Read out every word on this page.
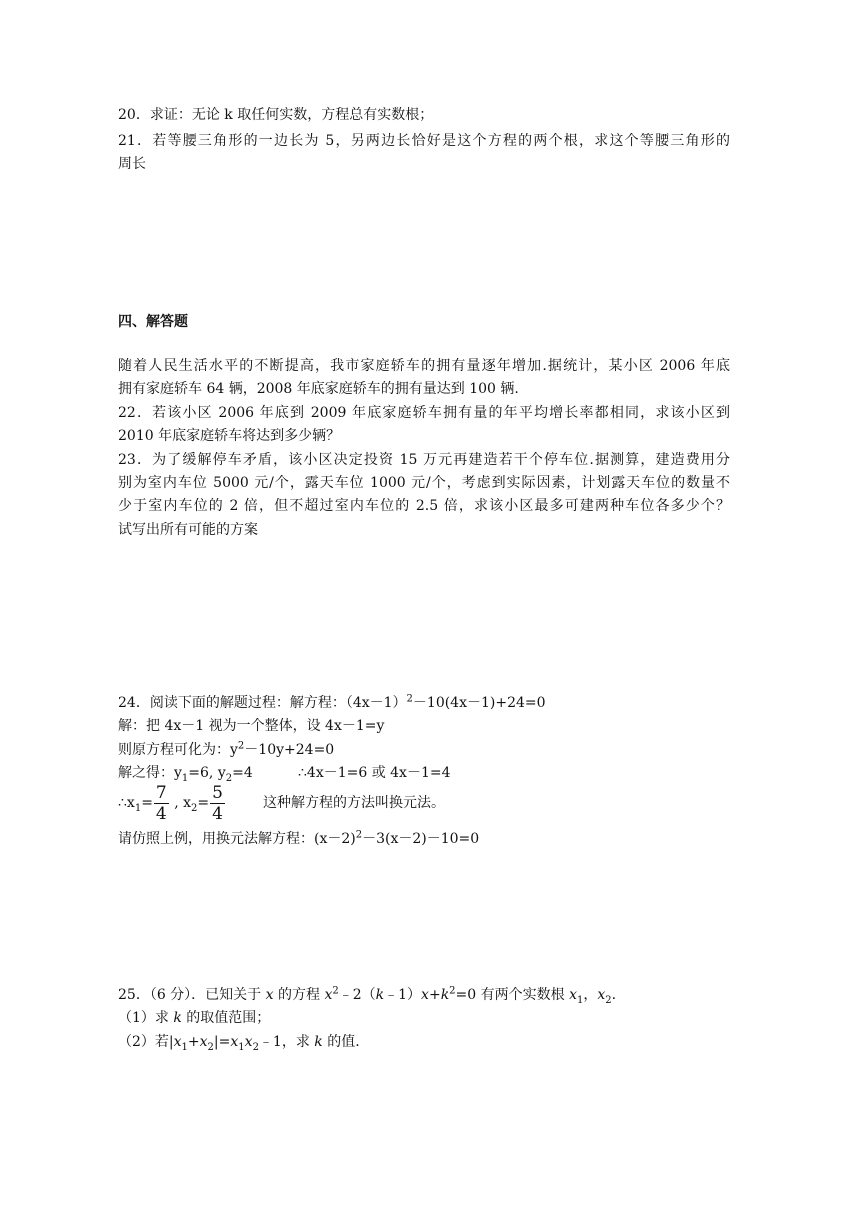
20．求证：无论 k 取任何实数，方程总有实数根；
21．若等腰三角形的一边长为 5，另两边长恰好是这个方程的两个根，求这个等腰三角形的
周长
四、解答题
随着人民生活水平的不断提高，我市家庭轿车的拥有量逐年增加.据统计，某小区 2006 年底
拥有家庭轿车 64 辆，2008 年底家庭轿车的拥有量达到 100 辆.
22．若该小区 2006 年底到 2009 年底家庭轿车拥有量的年平均增长率都相同，求该小区到
2010 年底家庭轿车将达到多少辆？
23．为了缓解停车矛盾，该小区决定投资 15 万元再建造若干个停车位.据测算，建造费用分
别为室内车位 5000 元/个，露天车位 1000 元/个，考虑到实际因素，计划露天车位的数量不
少于室内车位的 2 倍，但不超过室内车位的 2.5 倍，求该小区最多可建两种车位各多少个？
试写出所有可能的方案
24．阅读下面的解题过程：解方程：$(4x-1)^2-10(4x-1)+24=0$
解：把 4x－1 视为一个整体，设 4x－1=y
则原方程可化为：$y^2-10y+24=0$
解之得：$y_1=6$, $y_2=4$	∴4x－1=6 或 4x－1=4
$\therefore x_1= \frac{7}{4}$ , $x_2= \frac{5}{4}$	这种解方程的方法叫换元法。
请仿照上例，用换元法解方程：$(x-2)^2-3(x-2)-10=0$
25．（6 分）．已知关于 x 的方程 $x^2﹣2(k﹣1)x+k^2=0$ 有两个实数根 $x_1$，$x_2$.
（1）求 k 的取值范围；
（2）若$|x_1+x_2|=x_1x_2﹣1$，求 k 的值.
